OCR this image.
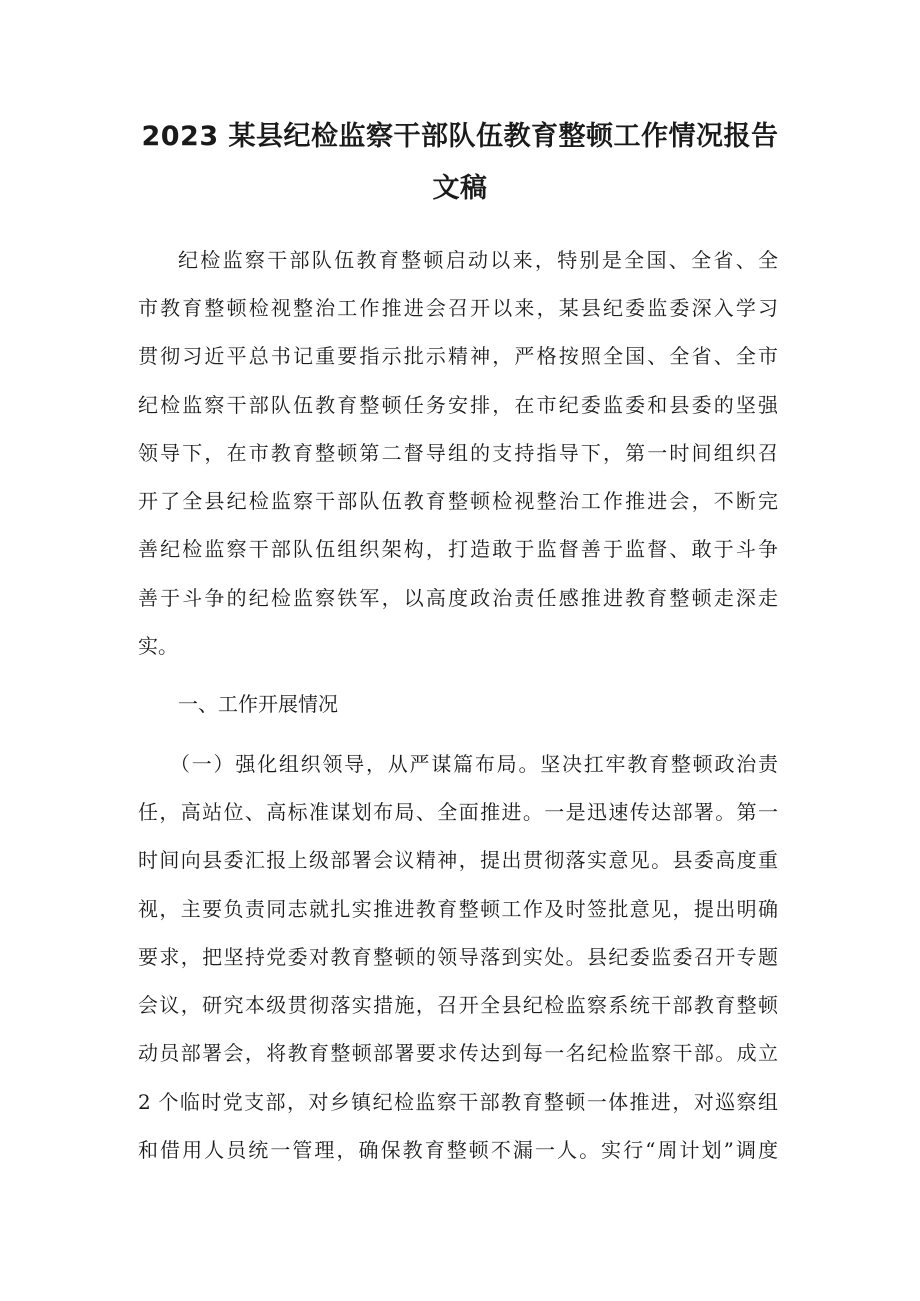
2023 某县纪检监察干部队伍教育整顿工作情况报告
文稿
纪检监察干部队伍教育整顿启动以来，特别是全国、全省、全
市教育整顿检视整治工作推进会召开以来，某县纪委监委深入学习
贯彻习近平总书记重要指示批示精神，严格按照全国、全省、全市
纪检监察干部队伍教育整顿任务安排，在市纪委监委和县委的坚强
领导下，在市教育整顿第二督导组的支持指导下，第一时间组织召
开了全县纪检监察干部队伍教育整顿检视整治工作推进会，不断完
善纪检监察干部队伍组织架构，打造敢于监督善于监督、敢于斗争
善于斗争的纪检监察铁军，以高度政治责任感推进教育整顿走深走
实。
一、工作开展情况
（一）强化组织领导，从严谋篇布局。坚决扛牢教育整顿政治责
任，高站位、高标准谋划布局、全面推进。一是迅速传达部署。第一
时间向县委汇报上级部署会议精神，提出贯彻落实意见。县委高度重
视，主要负责同志就扎实推进教育整顿工作及时签批意见，提出明确
要求，把坚持党委对教育整顿的领导落到实处。县纪委监委召开专题
会议，研究本级贯彻落实措施，召开全县纪检监察系统干部教育整顿
动员部署会，将教育整顿部署要求传达到每一名纪检监察干部。成立
2 个临时党支部，对乡镇纪检监察干部教育整顿一体推进，对巡察组
和借用人员统一管理，确保教育整顿不漏一人。实行“周计划”调度
